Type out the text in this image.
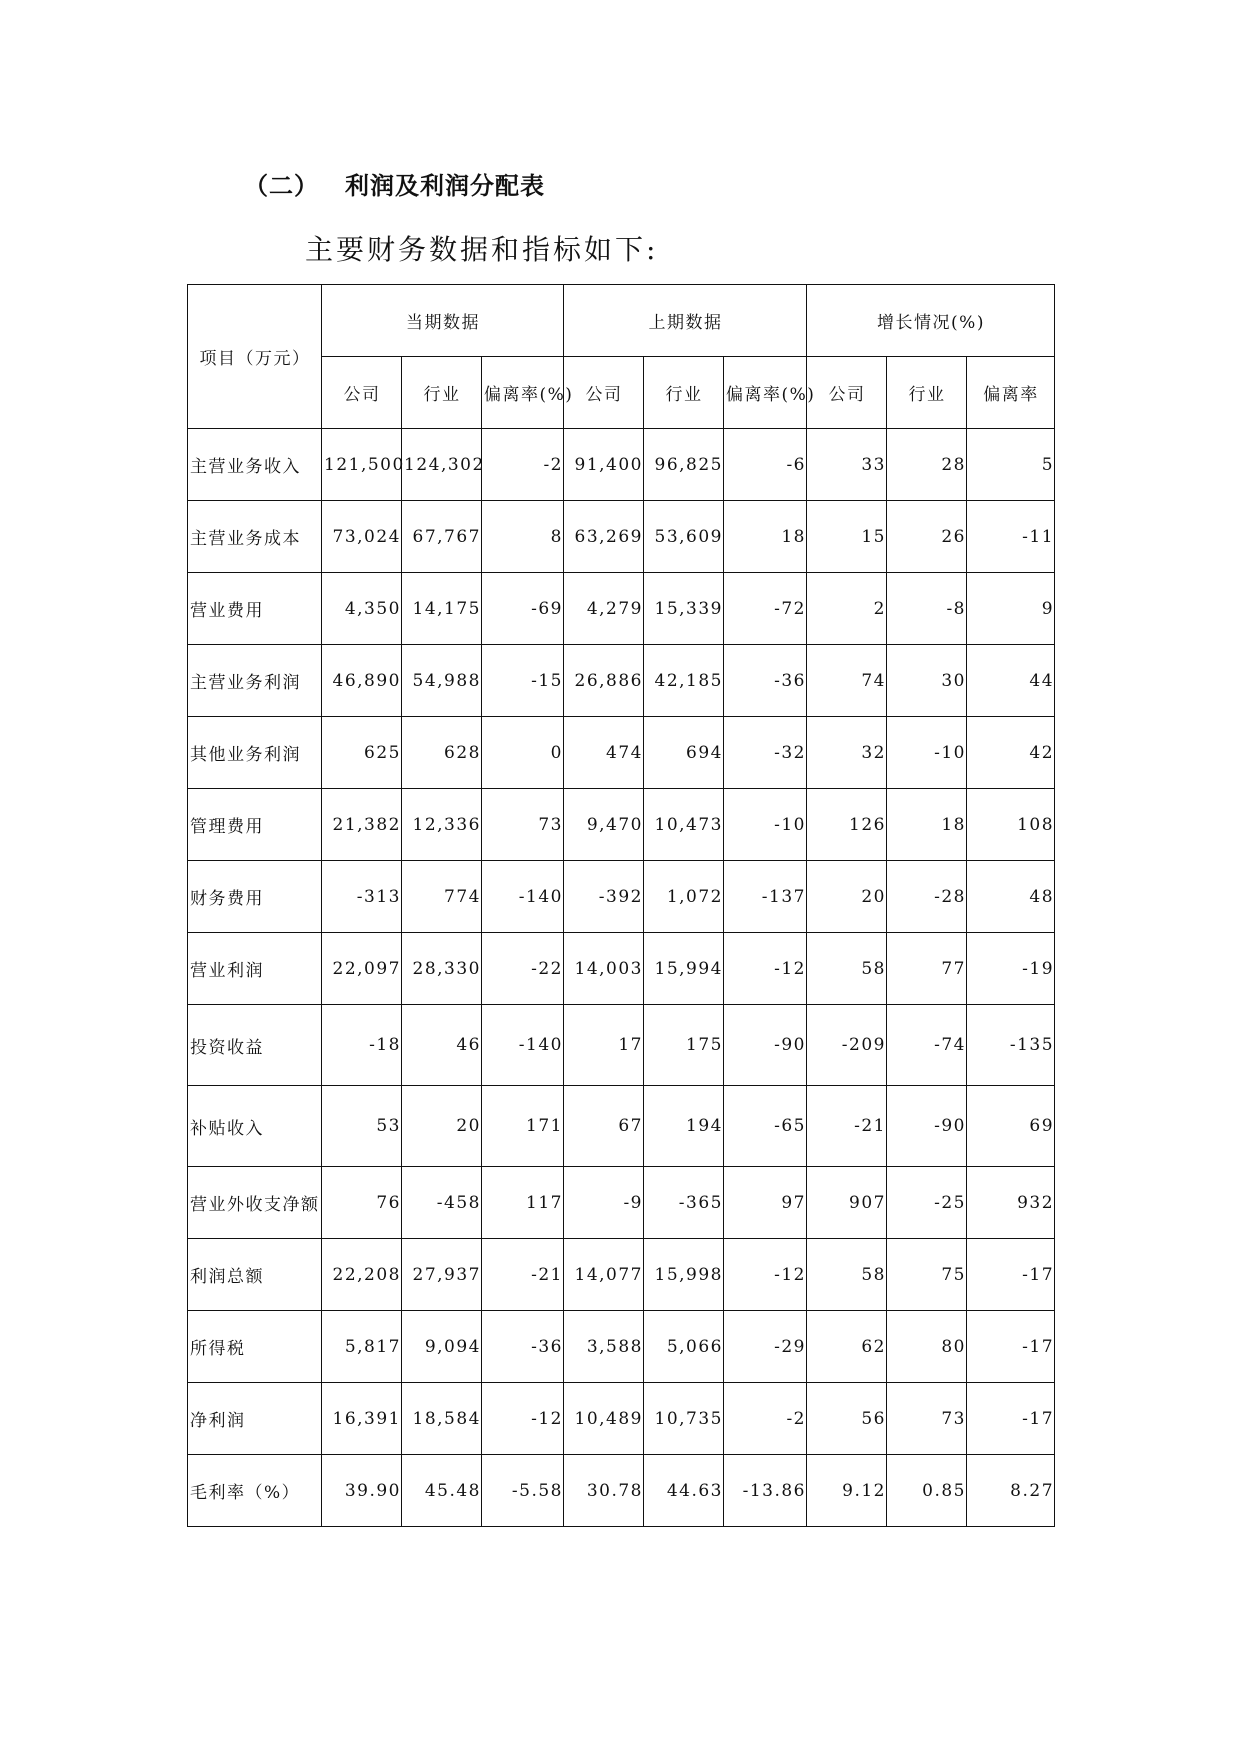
（二） 利润及利润分配表
主要财务数据和指标如下:
项目（万元）	当期数据			上期数据			增长情况(%)		
	公司	行业	偏离率(%)	公司	行业	偏离率(%)	公司	行业	偏离率
主营业务收入	121,500	124,302	-2	91,400	96,825	-6	33	28	5
主营业务成本	73,024	67,767	8	63,269	53,609	18	15	26	-11
营业费用	4,350	14,175	-69	4,279	15,339	-72	2	-8	9
主营业务利润	46,890	54,988	-15	26,886	42,185	-36	74	30	44
其他业务利润	625	628	0	474	694	-32	32	-10	42
管理费用	21,382	12,336	73	9,470	10,473	-10	126	18	108
财务费用	-313	774	-140	-392	1,072	-137	20	-28	48
营业利润	22,097	28,330	-22	14,003	15,994	-12	58	77	-19
投资收益	-18	46	-140	17	175	-90	-209	-74	-135
补贴收入	53	20	171	67	194	-65	-21	-90	69
营业外收支净额	76	-458	117	-9	-365	97	907	-25	932
利润总额	22,208	27,937	-21	14,077	15,998	-12	58	75	-17
所得税	5,817	9,094	-36	3,588	5,066	-29	62	80	-17
净利润	16,391	18,584	-12	10,489	10,735	-2	56	73	-17
毛利率（%）	39.90	45.48	-5.58	30.78	44.63	-13.86	9.12	0.85	8.27
